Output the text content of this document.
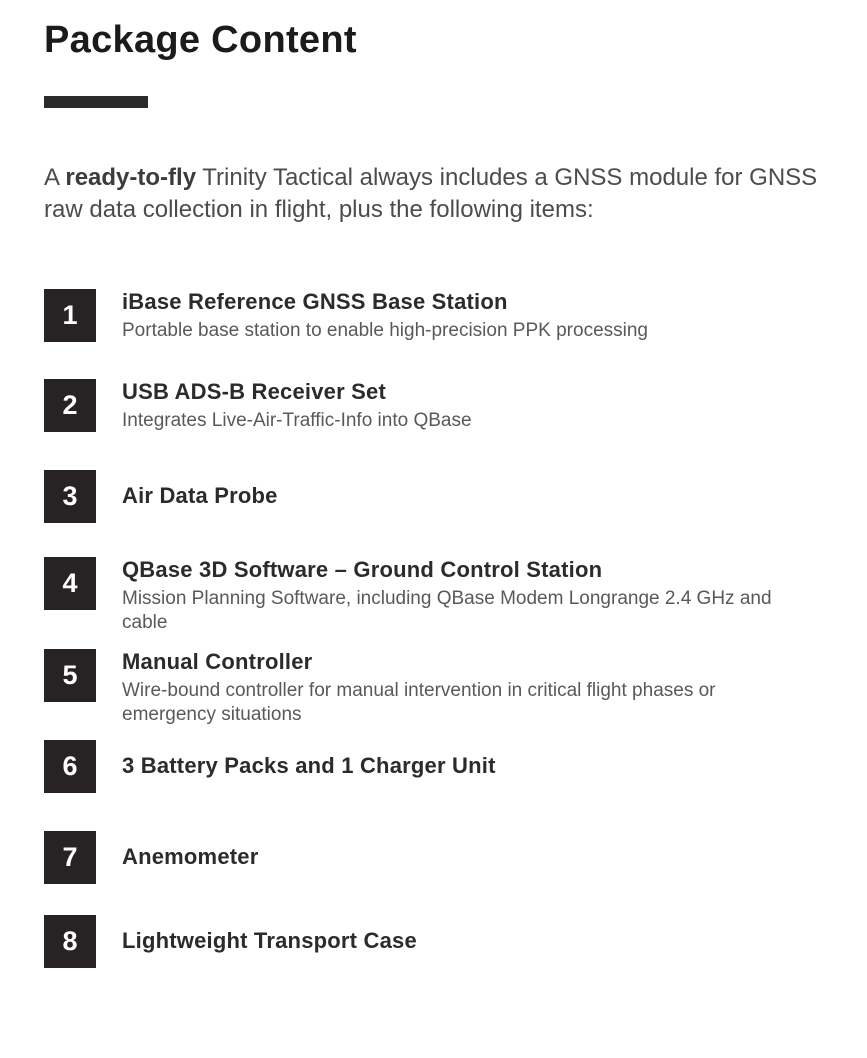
Package Content

A ready-to-fly Trinity Tactical always includes a GNSS module for GNSS raw data collection in flight, plus the following items:

1	iBase Reference GNSS Base Station
Portable base station to enable high-precision PPK processing
2	USB ADS-B Receiver Set
Integrates Live-Air-Traffic-Info into QBase
3	Air Data Probe
4	QBase 3D Software – Ground Control Station
Mission Planning Software, including QBase Modem Longrange 2.4 GHz and cable
5	Manual Controller
Wire-bound controller for manual intervention in critical flight phases or emergency situations
6	3 Battery Packs and 1 Charger Unit
7	Anemometer
8	Lightweight Transport Case
